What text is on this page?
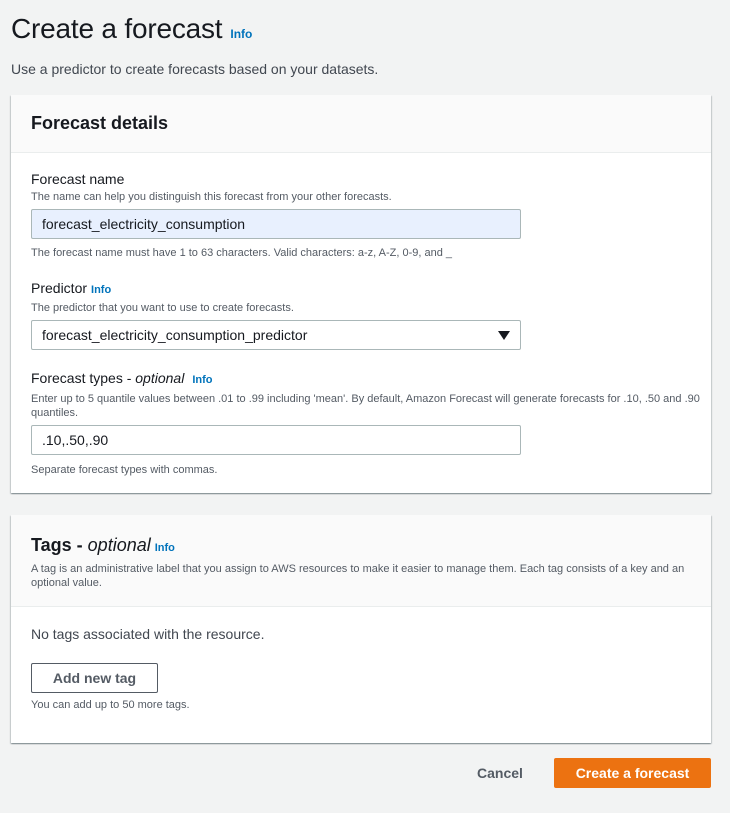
Create a forecast Info

Use a predictor to create forecasts based on your datasets.

Forecast details
Forecast name
The name can help you distinguish this forecast from your other forecasts.
forecast_electricity_consumption
The forecast name must have 1 to 63 characters. Valid characters: a-z, A-Z, 0-9, and _
Predictor Info
The predictor that you want to use to create forecasts.
forecast_electricity_consumption_predictor
Forecast types - optional Info
Enter up to 5 quantile values between .01 to .99 including 'mean'. By default, Amazon Forecast will generate forecasts for .10, .50 and .90 quantiles.
.10,.50,.90
Separate forecast types with commas.
Tags - optional Info
A tag is an administrative label that you assign to AWS resources to make it easier to manage them. Each tag consists of a key and an optional value.
No tags associated with the resource.
Add new tag
You can add up to 50 more tags.
Cancel	Create a forecast
